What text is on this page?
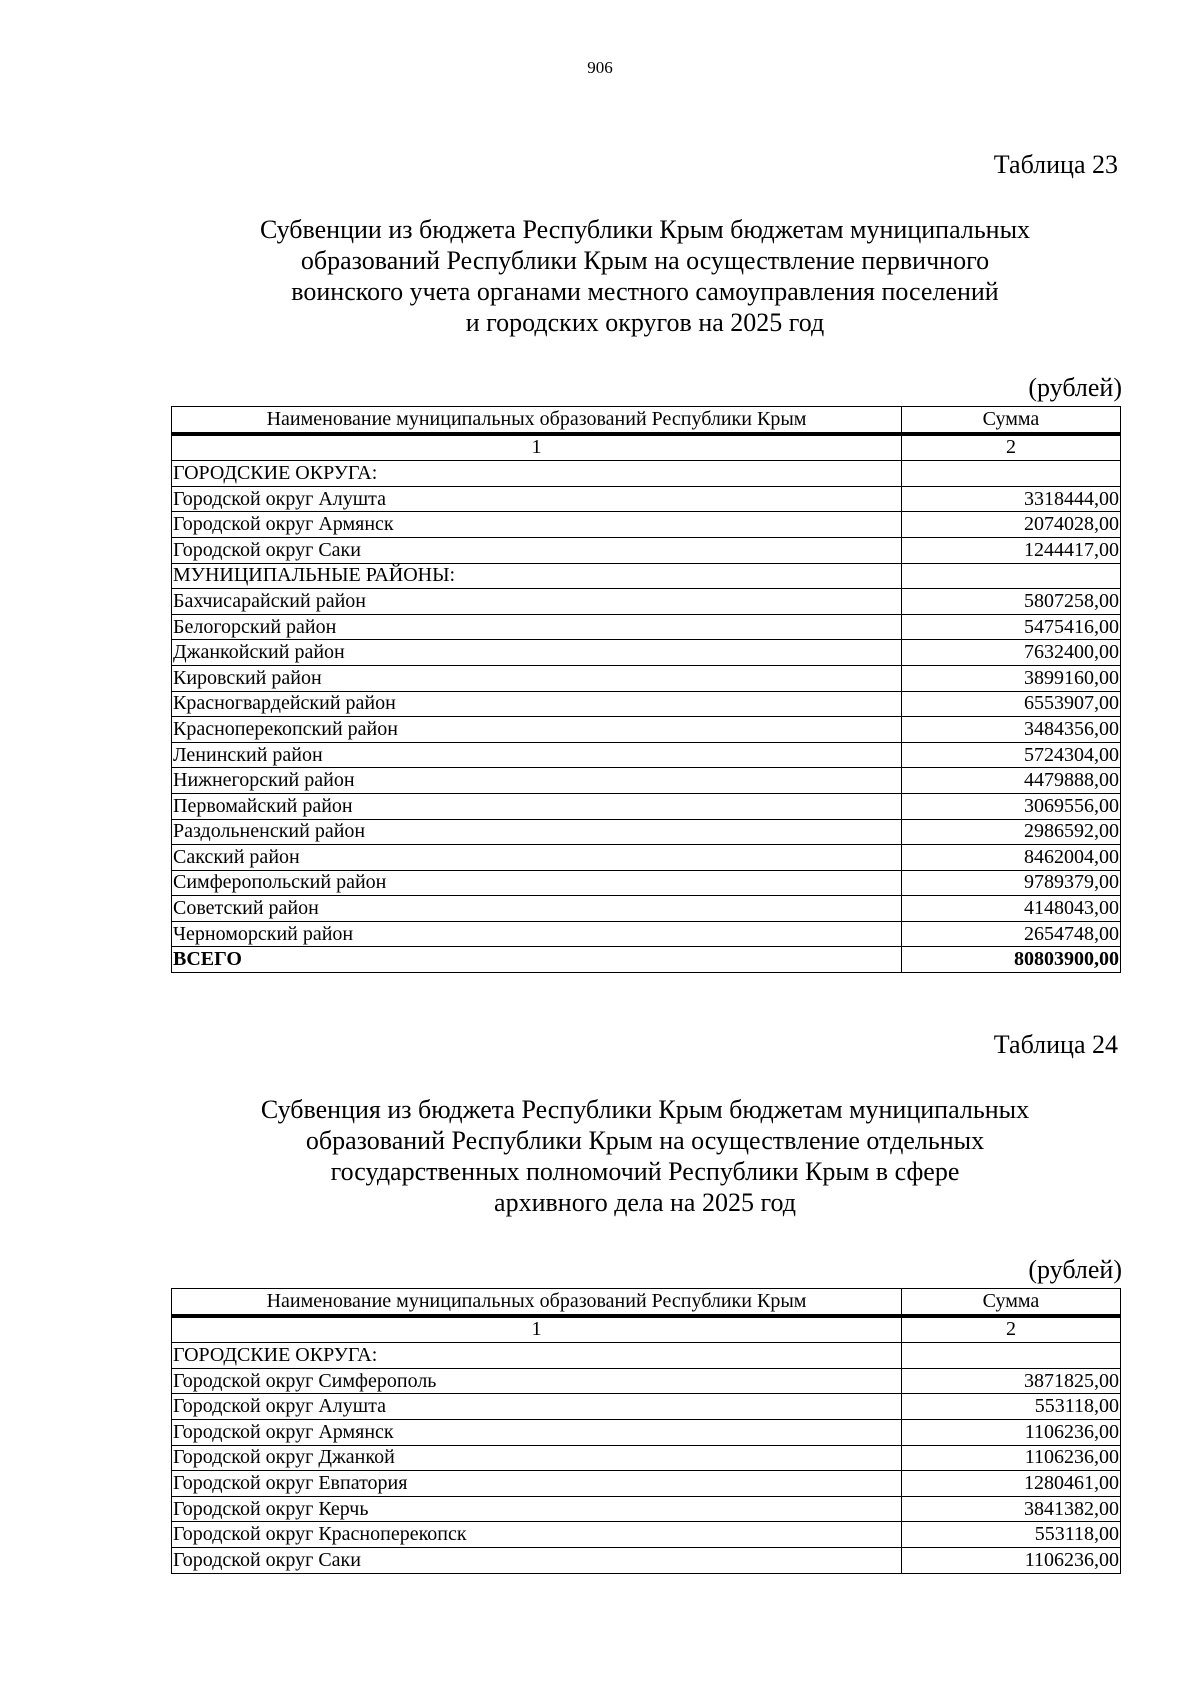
906
Таблица 23
Субвенции из бюджета Республики Крым бюджетам муниципальных
образований Республики Крым на осуществление первичного
воинского учета органами местного самоуправления поселений
и городских округов на 2025 год
(рублей)
Наименование муниципальных образований Республики Крым	Сумма
1	2
ГОРОДСКИЕ ОКРУГА:	
Городской округ Алушта	3318444,00
Городской округ Армянск	2074028,00
Городской округ Саки	1244417,00
МУНИЦИПАЛЬНЫЕ РАЙОНЫ:	
Бахчисарайский район	5807258,00
Белогорский район	5475416,00
Джанкойский район	7632400,00
Кировский район	3899160,00
Красногвардейский район	6553907,00
Красноперекопский район	3484356,00
Ленинский район	5724304,00
Нижнегорский район	4479888,00
Первомайский район	3069556,00
Раздольненский район	2986592,00
Сакский район	8462004,00
Симферопольский район	9789379,00
Советский район	4148043,00
Черноморский район	2654748,00
ВСЕГО	80803900,00
Таблица 24
Субвенция из бюджета Республики Крым бюджетам муниципальных
образований Республики Крым на осуществление отдельных
государственных полномочий Республики Крым в сфере
архивного дела на 2025 год
(рублей)
Наименование муниципальных образований Республики Крым	Сумма
1	2
ГОРОДСКИЕ ОКРУГА:	
Городской округ Симферополь	3871825,00
Городской округ Алушта	553118,00
Городской округ Армянск	1106236,00
Городской округ Джанкой	1106236,00
Городской округ Евпатория	1280461,00
Городской округ Керчь	3841382,00
Городской округ Красноперекопск	553118,00
Городской округ Саки	1106236,00
